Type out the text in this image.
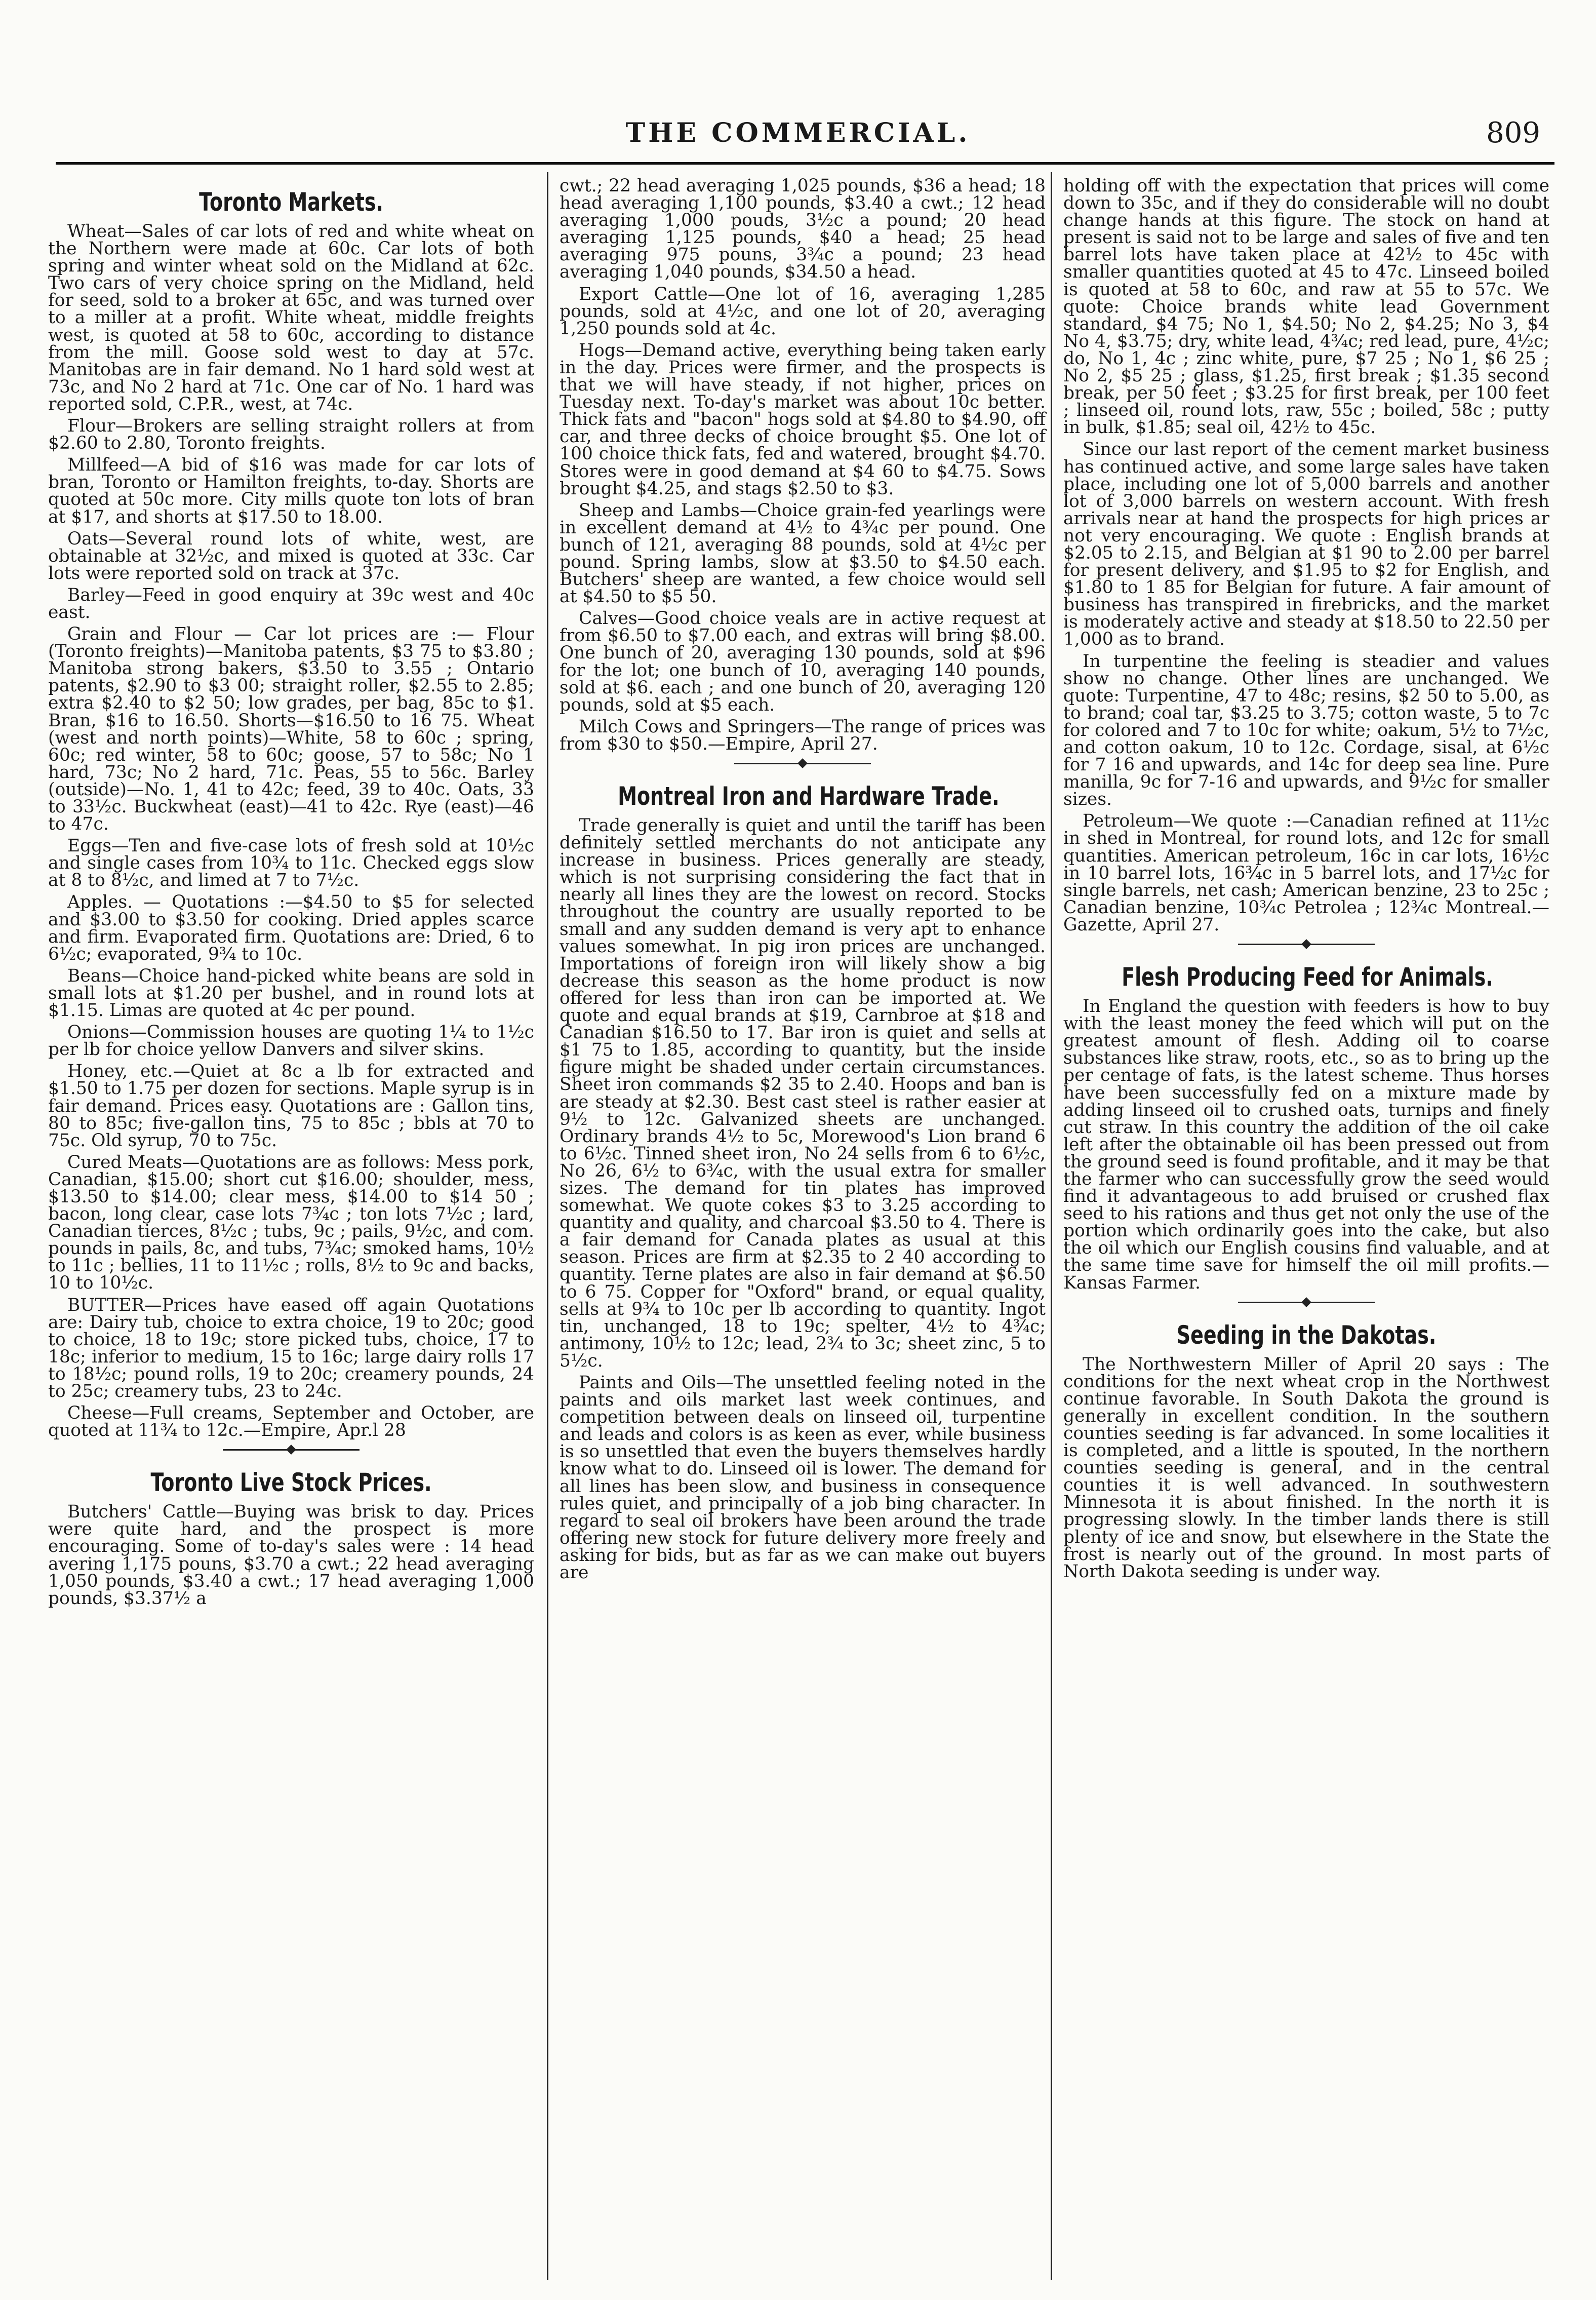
THE COMMERCIAL.	809
Toronto Markets.

Wheat—Sales of car lots of red and white wheat on the Northern were made at 60c. Car lots of both spring and winter wheat sold on the Midland at 62c. Two cars of very choice spring on the Midland, held for seed, sold to a broker at 65c, and was turned over to a miller at a profit. White wheat, middle freights west, is quoted at 58 to 60c, according to distance from the mill. Goose sold west to day at 57c. Manitobas are in fair demand. No 1 hard sold west at 73c, and No 2 hard at 71c. One car of No. 1 hard was reported sold, C.P.R., west, at 74c.

Flour—Brokers are selling straight rollers at from $2.60 to 2.80, Toronto freights.

Millfeed—A bid of $16 was made for car lots of bran, Toronto or Hamilton freights, to-day. Shorts are quoted at 50c more. City mills quote ton lots of bran at $17, and shorts at $17.50 to 18.00.

Oats—Several round lots of white, west, are obtainable at 32½c, and mixed is quoted at 33c. Car lots were reported sold on track at 37c.

Barley—Feed in good enquiry at 39c west and 40c east.

Grain and Flour — Car lot prices are :— Flour (Toronto freights)—Manitoba patents, $3 75 to $3.80 ; Manitoba strong bakers, $3.50 to 3.55 ; Ontario patents, $2.90 to $3 00; straight roller, $2.55 to 2.85; extra $2.40 to $2 50; low grades, per bag, 85c to $1. Bran, $16 to 16.50. Shorts—$16.50 to 16 75. Wheat (west and north points)—White, 58 to 60c ; spring, 60c; red winter, 58 to 60c; goose, 57 to 58c; No 1 hard, 73c; No 2 hard, 71c. Peas, 55 to 56c. Barley (outside)—No. 1, 41 to 42c; feed, 39 to 40c. Oats, 33 to 33½c. Buckwheat (east)—41 to 42c. Rye (east)—46 to 47c.

Eggs—Ten and five-case lots of fresh sold at 10½c and single cases from 10¾ to 11c. Checked eggs slow at 8 to 8½c, and limed at 7 to 7½c.

Apples. — Quotations :—$4.50 to $5 for selected and $3.00 to $3.50 for cooking. Dried apples scarce and firm. Evaporated firm. Quotations are: Dried, 6 to 6½c; evaporated, 9¾ to 10c.

Beans—Choice hand-picked white beans are sold in small lots at $1.20 per bushel, and in round lots at $1.15. Limas are quoted at 4c per pound.

Onions—Commission houses are quoting 1¼ to 1½c per lb for choice yellow Danvers and silver skins.

Honey, etc.—Quiet at 8c a lb for extracted and $1.50 to 1.75 per dozen for sections. Maple syrup is in fair demand. Prices easy. Quotations are : Gallon tins, 80 to 85c; five-gallon tins, 75 to 85c ; bbls at 70 to 75c. Old syrup, 70 to 75c.

Cured Meats—Quotations are as follows: Mess pork, Canadian, $15.00; short cut $16.00; shoulder, mess, $13.50 to $14.00; clear mess, $14.00 to $14 50 ; bacon, long clear, case lots 7¾c ; ton lots 7½c ; lard, Canadian tierces, 8½c ; tubs, 9c ; pails, 9½c, and com. pounds in pails, 8c, and tubs, 7¾c; smoked hams, 10½ to 11c ; bellies, 11 to 11½c ; rolls, 8½ to 9c and backs, 10 to 10½c.

BUTTER—Prices have eased off again Quotations are: Dairy tub, choice to extra choice, 19 to 20c; good to choice, 18 to 19c; store picked tubs, choice, 17 to 18c; inferior to medium, 15 to 16c; large dairy rolls 17 to 18½c; pound rolls, 19 to 20c; creamery pounds, 24 to 25c; creamery tubs, 23 to 24c.

Cheese—Full creams, September and October, are quoted at 11¾ to 12c.—Empire, Apr.l 28

Toronto Live Stock Prices.

Butchers' Cattle—Buying was brisk to day. Prices were quite hard, and the prospect is more encouraging. Some of to-day's sales were : 14 head avering 1,175 pouns, $3.70 a cwt.; 22 head averaging 1,050 pounds, $3.40 a cwt.; 17 head averaging 1,000 pounds, $3.37½ a

cwt.; 22 head averaging 1,025 pounds, $36 a head; 18 head averaging 1,100 pounds, $3.40 a cwt.; 12 head averaging 1,000 pouds, 3½c a pound; 20 head averaging 1,125 pounds, $40 a head; 25 head averaging 975 pouns, 3¾c a pound; 23 head averaging 1,040 pounds, $34.50 a head.

Export Cattle—One lot of 16, averaging 1,285 pounds, sold at 4½c, and one lot of 20, averaging 1,250 pounds sold at 4c.

Hogs—Demand active, everything being taken early in the day. Prices were firmer, and the prospects is that we will have steady, if not higher, prices on Tuesday next. To-day's market was about 10c better. Thick fats and "bacon" hogs sold at $4.80 to $4.90, off car, and three decks of choice brought $5. One lot of 100 choice thick fats, fed and watered, brought $4.70. Stores were in good demand at $4 60 to $4.75. Sows brought $4.25, and stags $2.50 to $3.

Sheep and Lambs—Choice grain-fed yearlings were in excellent demand at 4½ to 4¾c per pound. One bunch of 121, averaging 88 pounds, sold at 4½c per pound. Spring lambs, slow at $3.50 to $4.50 each. Butchers' sheep are wanted, a few choice would sell at $4.50 to $5 50.

Calves—Good choice veals are in active request at from $6.50 to $7.00 each, and extras will bring $8.00. One bunch of 20, averaging 130 pounds, sold at $96 for the lot; one bunch of 10, averaging 140 pounds, sold at $6. each ; and one bunch of 20, averaging 120 pounds, sold at $5 each.

Milch Cows and Springers—The range of prices was from $30 to $50.—Empire, April 27.

Montreal Iron and Hardware Trade.

Trade generally is quiet and until the tariff has been definitely settled merchants do not anticipate any increase in business. Prices generally are steady, which is not surprising considering the fact that in nearly all lines they are the lowest on record. Stocks throughout the country are usually reported to be small and any sudden demand is very apt to enhance values somewhat. In pig iron prices are unchanged. Importations of foreign iron will likely show a big decrease this season as the home product is now offered for less than iron can be imported at. We quote and equal brands at $19, Carnbroe at $18 and Canadian $16.50 to 17. Bar iron is quiet and sells at $1 75 to 1.85, according to quantity, but the inside figure might be shaded under certain circumstances. Sheet iron commands $2 35 to 2.40. Hoops and ban is are steady at $2.30. Best cast steel is rather easier at 9½ to 12c. Galvanized sheets are unchanged. Ordinary brands 4½ to 5c, Morewood's Lion brand 6 to 6½c. Tinned sheet iron, No 24 sells from 6 to 6½c, No 26, 6½ to 6¾c, with the usual extra for smaller sizes. The demand for tin plates has improved somewhat. We quote cokes $3 to 3.25 according to quantity and quality, and charcoal $3.50 to 4. There is a fair demand for Canada plates as usual at this season. Prices are firm at $2.35 to 2 40 according to quantity. Terne plates are also in fair demand at $6.50 to 6 75. Copper for "Oxford" brand, or equal quality, sells at 9¾ to 10c per lb according to quantity. Ingot tin, unchanged, 18 to 19c; spelter, 4½ to 4¾c; antimony, 10½ to 12c; lead, 2¾ to 3c; sheet zinc, 5 to 5½c.

Paints and Oils—The unsettled feeling noted in the paints and oils market last week continues, and competition between deals on linseed oil, turpentine and leads and colors is as keen as ever, while business is so unsettled that even the buyers themselves hardly know what to do. Linseed oil is lower. The demand for all lines has been slow, and business in consequence rules quiet, and principally of a job bing character. In regard to seal oil brokers have been around the trade offering new stock for future delivery more freely and asking for bids, but as far as we can make out buyers are

holding off with the expectation that prices will come down to 35c, and if they do considerable will no doubt change hands at this figure. The stock on hand at present is said not to be large and sales of five and ten barrel lots have taken place at 42½ to 45c with smaller quantities quoted at 45 to 47c. Linseed boiled is quoted at 58 to 60c, and raw at 55 to 57c. We quote: Choice brands white lead Government standard, $4 75; No 1, $4.50; No 2, $4.25; No 3, $4 No 4, $3.75; dry, white lead, 4¾c; red lead, pure, 4½c; do, No 1, 4c ; zinc white, pure, $7 25 ; No 1, $6 25 ; No 2, $5 25 ; glass, $1.25, first break ; $1.35 second break, per 50 feet ; $3.25 for first break, per 100 feet ; linseed oil, round lots, raw, 55c ; boiled, 58c ; putty in bulk, $1.85; seal oil, 42½ to 45c.

Since our last report of the cement market business has continued active, and some large sales have taken place, including one lot of 5,000 barrels and another lot of 3,000 barrels on western account. With fresh arrivals near at hand the prospects for high prices ar not very encouraging. We quote : English brands at $2.05 to 2.15, and Belgian at $1 90 to 2.00 per barrel for present delivery, and $1.95 to $2 for English, and $1.80 to 1 85 for Belgian for future. A fair amount of business has transpired in firebricks, and the market is moderately active and steady at $18.50 to 22.50 per 1,000 as to brand.

In turpentine the feeling is steadier and values show no change. Other lines are unchanged. We quote: Turpentine, 47 to 48c; resins, $2 50 to 5.00, as to brand; coal tar, $3.25 to 3.75; cotton waste, 5 to 7c for colored and 7 to 10c for white; oakum, 5½ to 7½c, and cotton oakum, 10 to 12c. Cordage, sisal, at 6½c for 7 16 and upwards, and 14c for deep sea line. Pure manilla, 9c for 7-16 and upwards, and 9½c for smaller sizes.

Petroleum—We quote :—Canadian refined at 11½c in shed in Montreal, for round lots, and 12c for small quantities. American petroleum, 16c in car lots, 16½c in 10 barrel lots, 16¾c in 5 barrel lots, and 17½c for single barrels, net cash; American benzine, 23 to 25c ; Canadian benzine, 10¾c Petrolea ; 12¾c Montreal.—Gazette, April 27.

Flesh Producing Feed for Animals.

In England the question with feeders is how to buy with the least money the feed which will put on the greatest amount of flesh. Adding oil to coarse substances like straw, roots, etc., so as to bring up the per centage of fats, is the latest scheme. Thus horses have been successfully fed on a mixture made by adding linseed oil to crushed oats, turnips and finely cut straw. In this country the addition of the oil cake left after the obtainable oil has been pressed out from the ground seed is found profitable, and it may be that the farmer who can successfully grow the seed would find it advantageous to add bruised or crushed flax seed to his rations and thus get not only the use of the portion which ordinarily goes into the cake, but also the oil which our English cousins find valuable, and at the same time save for himself the oil mill profits.—Kansas Farmer.

Seeding in the Dakotas.

The Northwestern Miller of April 20 says : The conditions for the next wheat crop in the Northwest continue favorable. In South Dakota the ground is generally in excellent condition. In the southern counties seeding is far advanced. In some localities it is completed, and a little is spouted, In the northern counties seeding is general, and in the central counties it is well advanced. In southwestern Minnesota it is about finished. In the north it is progressing slowly. In the timber lands there is still plenty of ice and snow, but elsewhere in the State the frost is nearly out of the ground. In most parts of North Dakota seeding is under way.
